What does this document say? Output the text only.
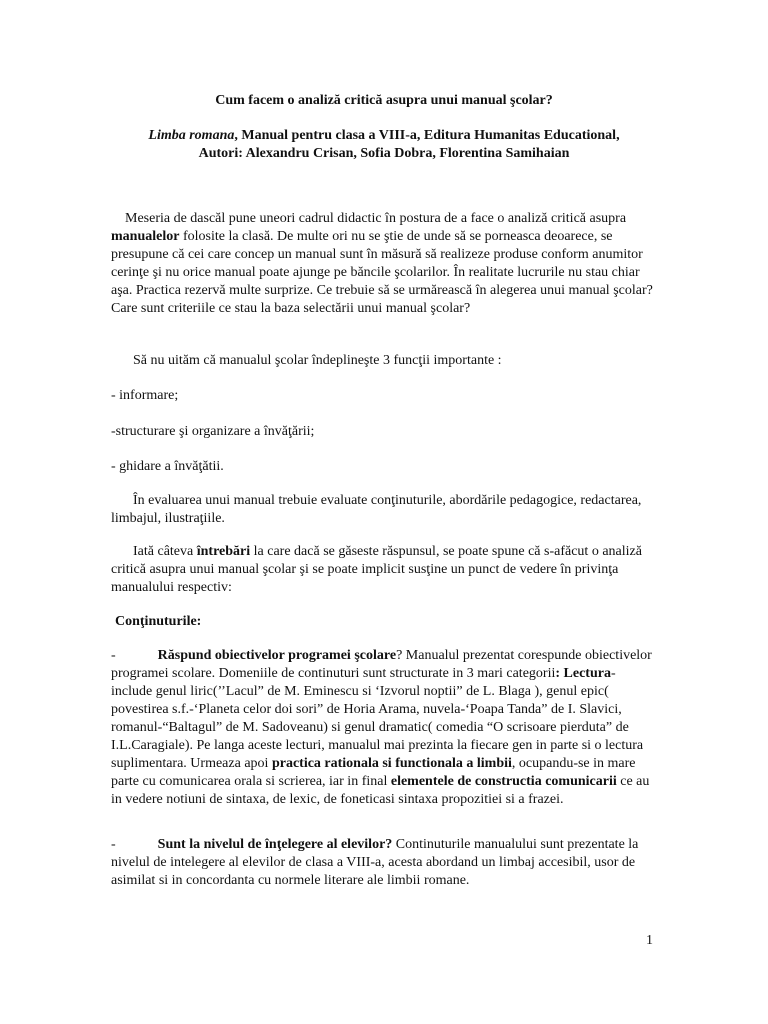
Cum facem o analiză critică asupra unui manual şcolar?
Limba romana, Manual pentru clasa a VIII-a, Editura Humanitas Educational,
Autori: Alexandru Crisan, Sofia Dobra, Florentina Samihaian

Meseria de dascăl pune uneori cadrul didactic în postura de a face o analiză critică asupra manualelor folosite la clasă. De multe ori nu se ştie de unde să se porneasca deoarece, se presupune că cei care concep un manual sunt în măsură să realizeze produse conform anumitor cerinţe şi nu orice manual poate ajunge pe băncile şcolarilor. În realitate lucrurile nu stau chiar aşa. Practica rezervă multe surprize. Ce trebuie să se urmărească în alegerea unui manual şcolar? Care sunt criteriile ce stau la baza selectării unui manual şcolar?

Să nu uităm că manualul şcolar îndeplineşte 3 funcţii importante :

- informare;

-structurare şi organizare a învăţării;

- ghidare a învăţătii.

În evaluarea unui manual trebuie evaluate conţinuturile, abordările pedagogice, redactarea, limbajul, ilustraţiile.

Iată câteva întrebări la care dacă se găseste răspunsul, se poate spune că s-afăcut o analiză critică asupra unui manual şcolar şi se poate implicit susţine un punct de vedere în privinţa manualului respectiv:

Conţinuturile:

-	Răspund obiectivelor programei şcolare? Manualul prezentat corespunde obiectivelor programei scolare. Domeniile de continuturi sunt structurate in 3 mari categorii: Lectura- include genul liric(’’Lacul” de M. Eminescu si ‘Izvorul noptii” de L. Blaga ), genul epic( povestirea s.f.-‘Planeta celor doi sori” de Horia Arama, nuvela-‘Poapa Tanda” de I. Slavici, romanul-“Baltagul” de M. Sadoveanu) si genul dramatic( comedia “O scrisoare pierduta” de I.L.Caragiale). Pe langa aceste lecturi, manualul mai prezinta la fiecare gen in parte si o lectura suplimentara. Urmeaza apoi practica rationala si functionala a limbii, ocupandu-se in mare parte cu comunicarea orala si scrierea, iar in final elementele de constructia comunicarii ce au in vedere notiuni de sintaxa, de lexic, de foneticasi sintaxa propozitiei si a frazei.

-	Sunt la nivelul de înţelegere al elevilor? Continuturile manualului sunt prezentate la nivelul de intelegere al elevilor de clasa a VIII-a, acesta abordand un limbaj accesibil, usor de asimilat si in concordanta cu normele literare ale limbii romane.

1
